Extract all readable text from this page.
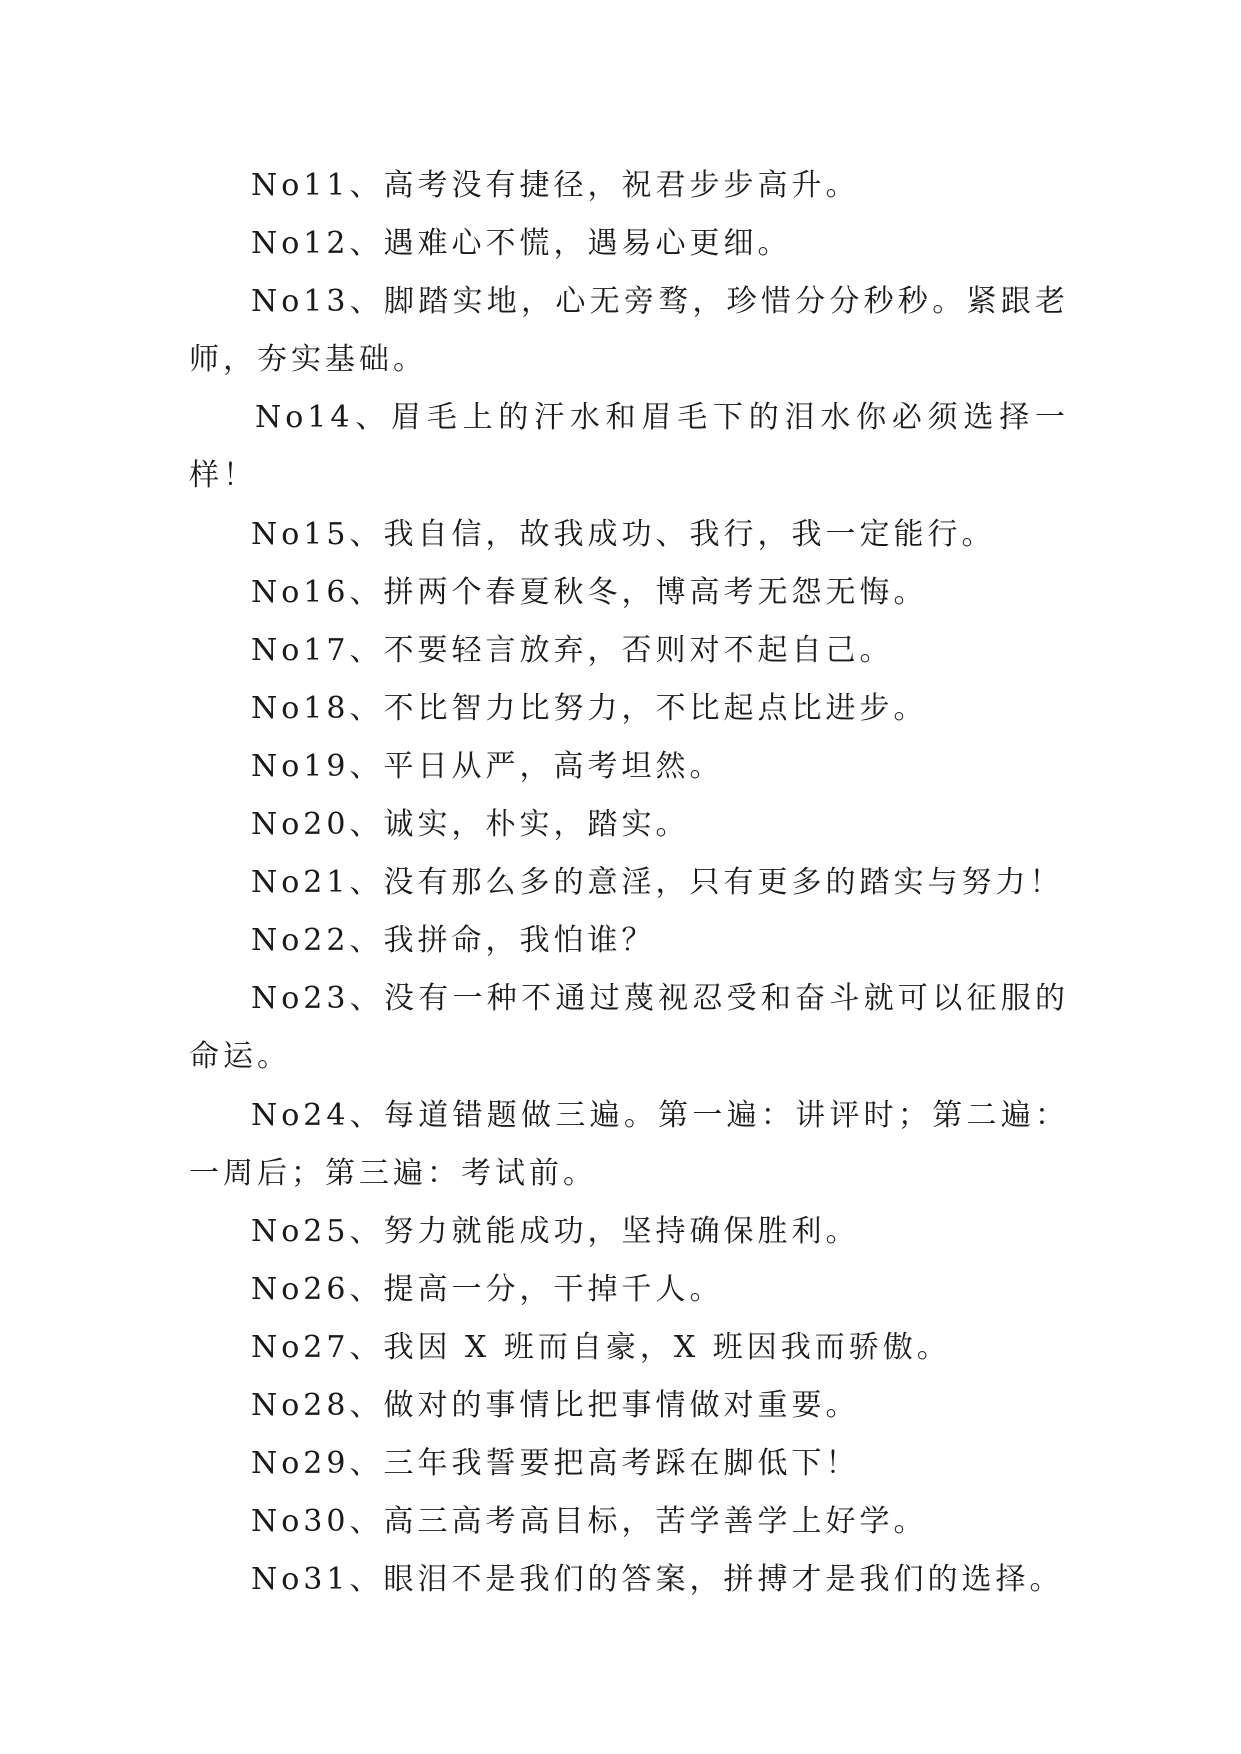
No11、高考没有捷径，祝君步步高升。

No12、遇难心不慌，遇易心更细。

No13、脚踏实地，心无旁骛，珍惜分分秒秒。紧跟老师，夯实基础。

No14、眉毛上的汗水和眉毛下的泪水你必须选择一样！

No15、我自信，故我成功、我行，我一定能行。

No16、拼两个春夏秋冬，博高考无怨无悔。

No17、不要轻言放弃，否则对不起自己。

No18、不比智力比努力，不比起点比进步。

No19、平日从严，高考坦然。

No20、诚实，朴实，踏实。

No21、没有那么多的意淫，只有更多的踏实与努力！

No22、我拼命，我怕谁？

No23、没有一种不通过蔑视忍受和奋斗就可以征服的命运。

No24、每道错题做三遍。第一遍：讲评时；第二遍：一周后；第三遍：考试前。

No25、努力就能成功，坚持确保胜利。

No26、提高一分，干掉千人。

No27、我因 X 班而自豪，X 班因我而骄傲。

No28、做对的事情比把事情做对重要。

No29、三年我誓要把高考踩在脚低下！

No30、高三高考高目标，苦学善学上好学。

No31、眼泪不是我们的答案，拼搏才是我们的选择。
